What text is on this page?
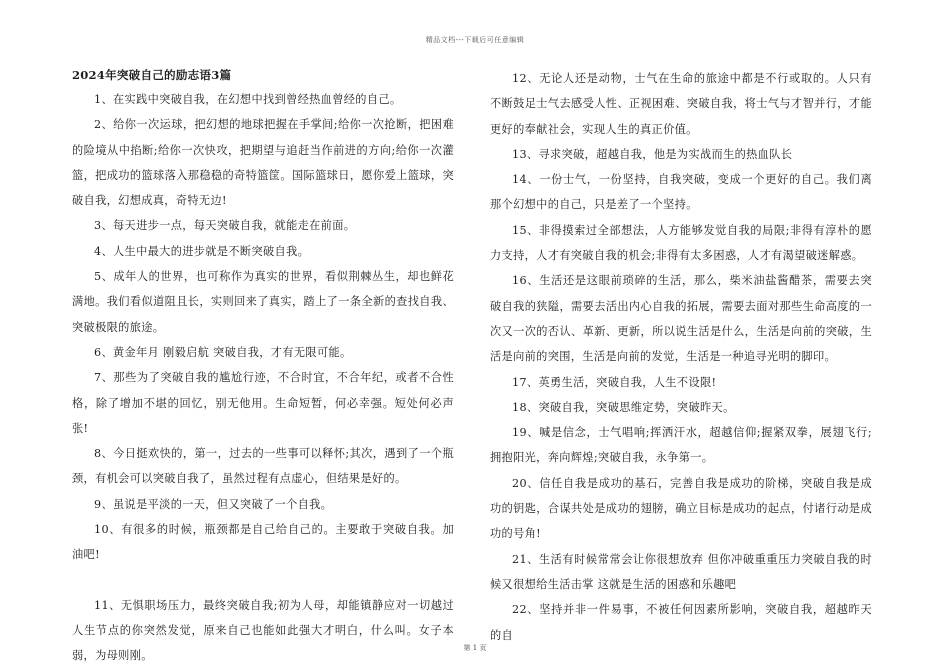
精品文档---下载后可任意编辑
2024年突破自己的励志语3篇

1、在实践中突破自我，在幻想中找到曾经热血曾经的自己。

2、给你一次运球，把幻想的地球把握在手掌间;给你一次抢断，把困难的险境从中掐断;给你一次快攻，把期望与追赶当作前进的方向;给你一次灌篮，把成功的篮球落入那稳稳的奇特篮筐。国际篮球日，愿你爱上篮球，突破自我，幻想成真，奇特无边!

3、每天进步一点，每天突破自我，就能走在前面。

4、人生中最大的进步就是不断突破自我。

5、成年人的世界，也可称作为真实的世界，看似荆棘丛生，却也鲜花满地。我们看似道阻且长，实则回来了真实，踏上了一条全新的查找自我、突破极限的旅途。

6、黄金年月 刚毅启航 突破自我，才有无限可能。

7、那些为了突破自我的尴尬行迹，不合时宜，不合年纪，或者不合性格，除了增加不堪的回忆，别无他用。生命短暂，何必幸强。短处何必声张!

8、今日挺欢快的，第一，过去的一些事可以释怀;其次，遇到了一个瓶颈，有机会可以突破自我了，虽然过程有点虚心，但结果是好的。

9、虽说是平淡的一天，但又突破了一个自我。

10、有很多的时候，瓶颈都是自己给自己的。主要敢于突破自我。加油吧!

11、无惧职场压力，最终突破自我;初为人母，却能镇静应对一切越过人生节点的你突然发觉，原来自己也能如此强大才明白，什么叫。女子本弱，为母则刚。

12、无论人还是动物，士气在生命的旅途中都是不行或取的。人只有不断鼓足士气去感受人性、正视困难、突破自我，将士气与才智并行，才能更好的奉献社会，实现人生的真正价值。

13、寻求突破，超越自我，他是为实战而生的热血队长

14、一份士气，一份坚持，自我突破，变成一个更好的自己。我们离那个幻想中的自己，只是差了一个坚持。

15、非得摸索过全部想法，人方能够发觉自我的局限;非得有淳朴的愿力支持，人才有突破自我的机会;非得有太多困惑，人才有渴望破迷解惑。

16、生活还是这眼前琐碎的生活，那么，柴米油盐酱醋茶，需要去突破自我的狭隘，需要去活出内心自我的拓展，需要去面对那些生命高度的一次又一次的否认、革新、更新，所以说生活是什么，生活是向前的突破，生活是向前的突围，生活是向前的发觉，生活是一种追寻光明的脚印。

17、英勇生活，突破自我，人生不设限!

18、突破自我，突破思维定势，突破昨天。

19、喊是信念，士气唱响;挥洒汗水，超越信仰;握紧双拳，展翅飞行;拥抱阳光，奔向辉煌;突破自我，永争第一。

20、信任自我是成功的基石，完善自我是成功的阶梯，突破自我是成功的钥匙，合谋共处是成功的翅膀，确立目标是成功的起点，付诸行动是成功的号角!

21、生活有时候常常会让你很想放弃 但你冲破重重压力突破自我的时候又很想给生活击掌 这就是生活的困惑和乐趣吧

22、坚持并非一件易事，不被任何因素所影响，突破自我，超越昨天的自

第 1 页
